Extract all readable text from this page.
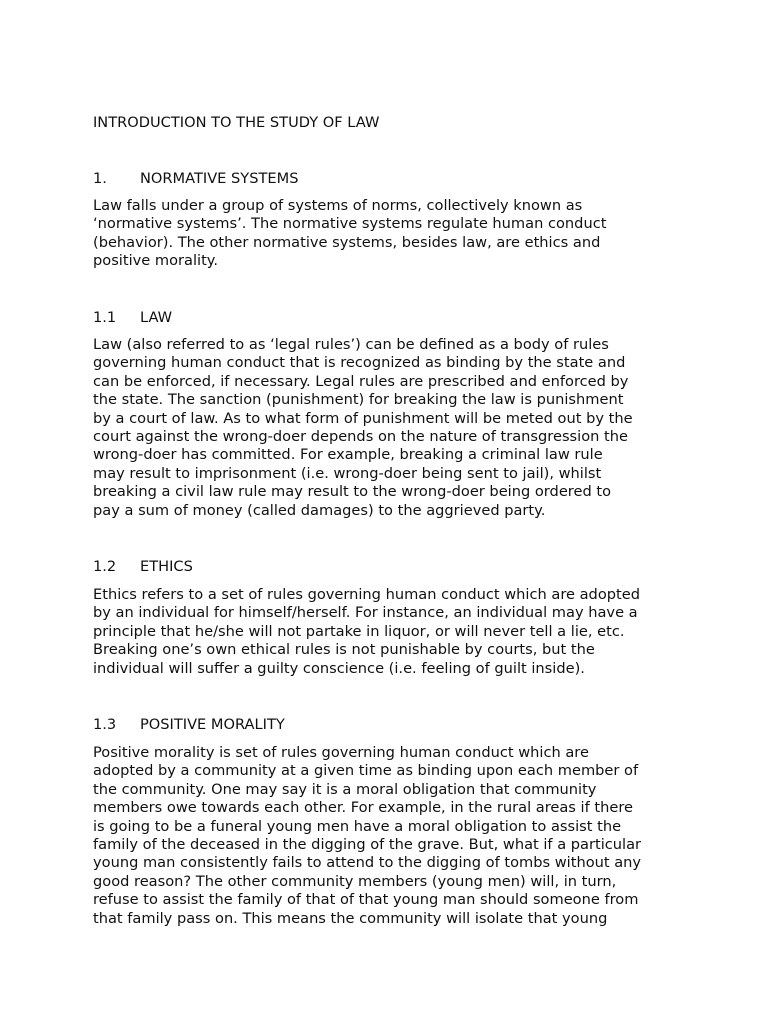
INTRODUCTION TO THE STUDY OF LAW
1. NORMATIVE SYSTEMS

Law falls under a group of systems of norms, collectively known as
‘normative systems’. The normative systems regulate human conduct
(behavior). The other normative systems, besides law, are ethics and
positive morality.

1.1 LAW

Law (also referred to as ‘legal rules’) can be defined as a body of rules
governing human conduct that is recognized as binding by the state and
can be enforced, if necessary. Legal rules are prescribed and enforced by
the state. The sanction (punishment) for breaking the law is punishment
by a court of law. As to what form of punishment will be meted out by the
court against the wrong-doer depends on the nature of transgression the
wrong-doer has committed. For example, breaking a criminal law rule
may result to imprisonment (i.e. wrong-doer being sent to jail), whilst
breaking a civil law rule may result to the wrong-doer being ordered to
pay a sum of money (called damages) to the aggrieved party.

1.2 ETHICS

Ethics refers to a set of rules governing human conduct which are adopted
by an individual for himself/herself. For instance, an individual may have a
principle that he/she will not partake in liquor, or will never tell a lie, etc.
Breaking one’s own ethical rules is not punishable by courts, but the
individual will suffer a guilty conscience (i.e. feeling of guilt inside).

1.3 POSITIVE MORALITY

Positive morality is set of rules governing human conduct which are
adopted by a community at a given time as binding upon each member of
the community. One may say it is a moral obligation that community
members owe towards each other. For example, in the rural areas if there
is going to be a funeral young men have a moral obligation to assist the
family of the deceased in the digging of the grave. But, what if a particular
young man consistently fails to attend to the digging of tombs without any
good reason? The other community members (young men) will, in turn,
refuse to assist the family of that of that young man should someone from
that family pass on. This means the community will isolate that young
